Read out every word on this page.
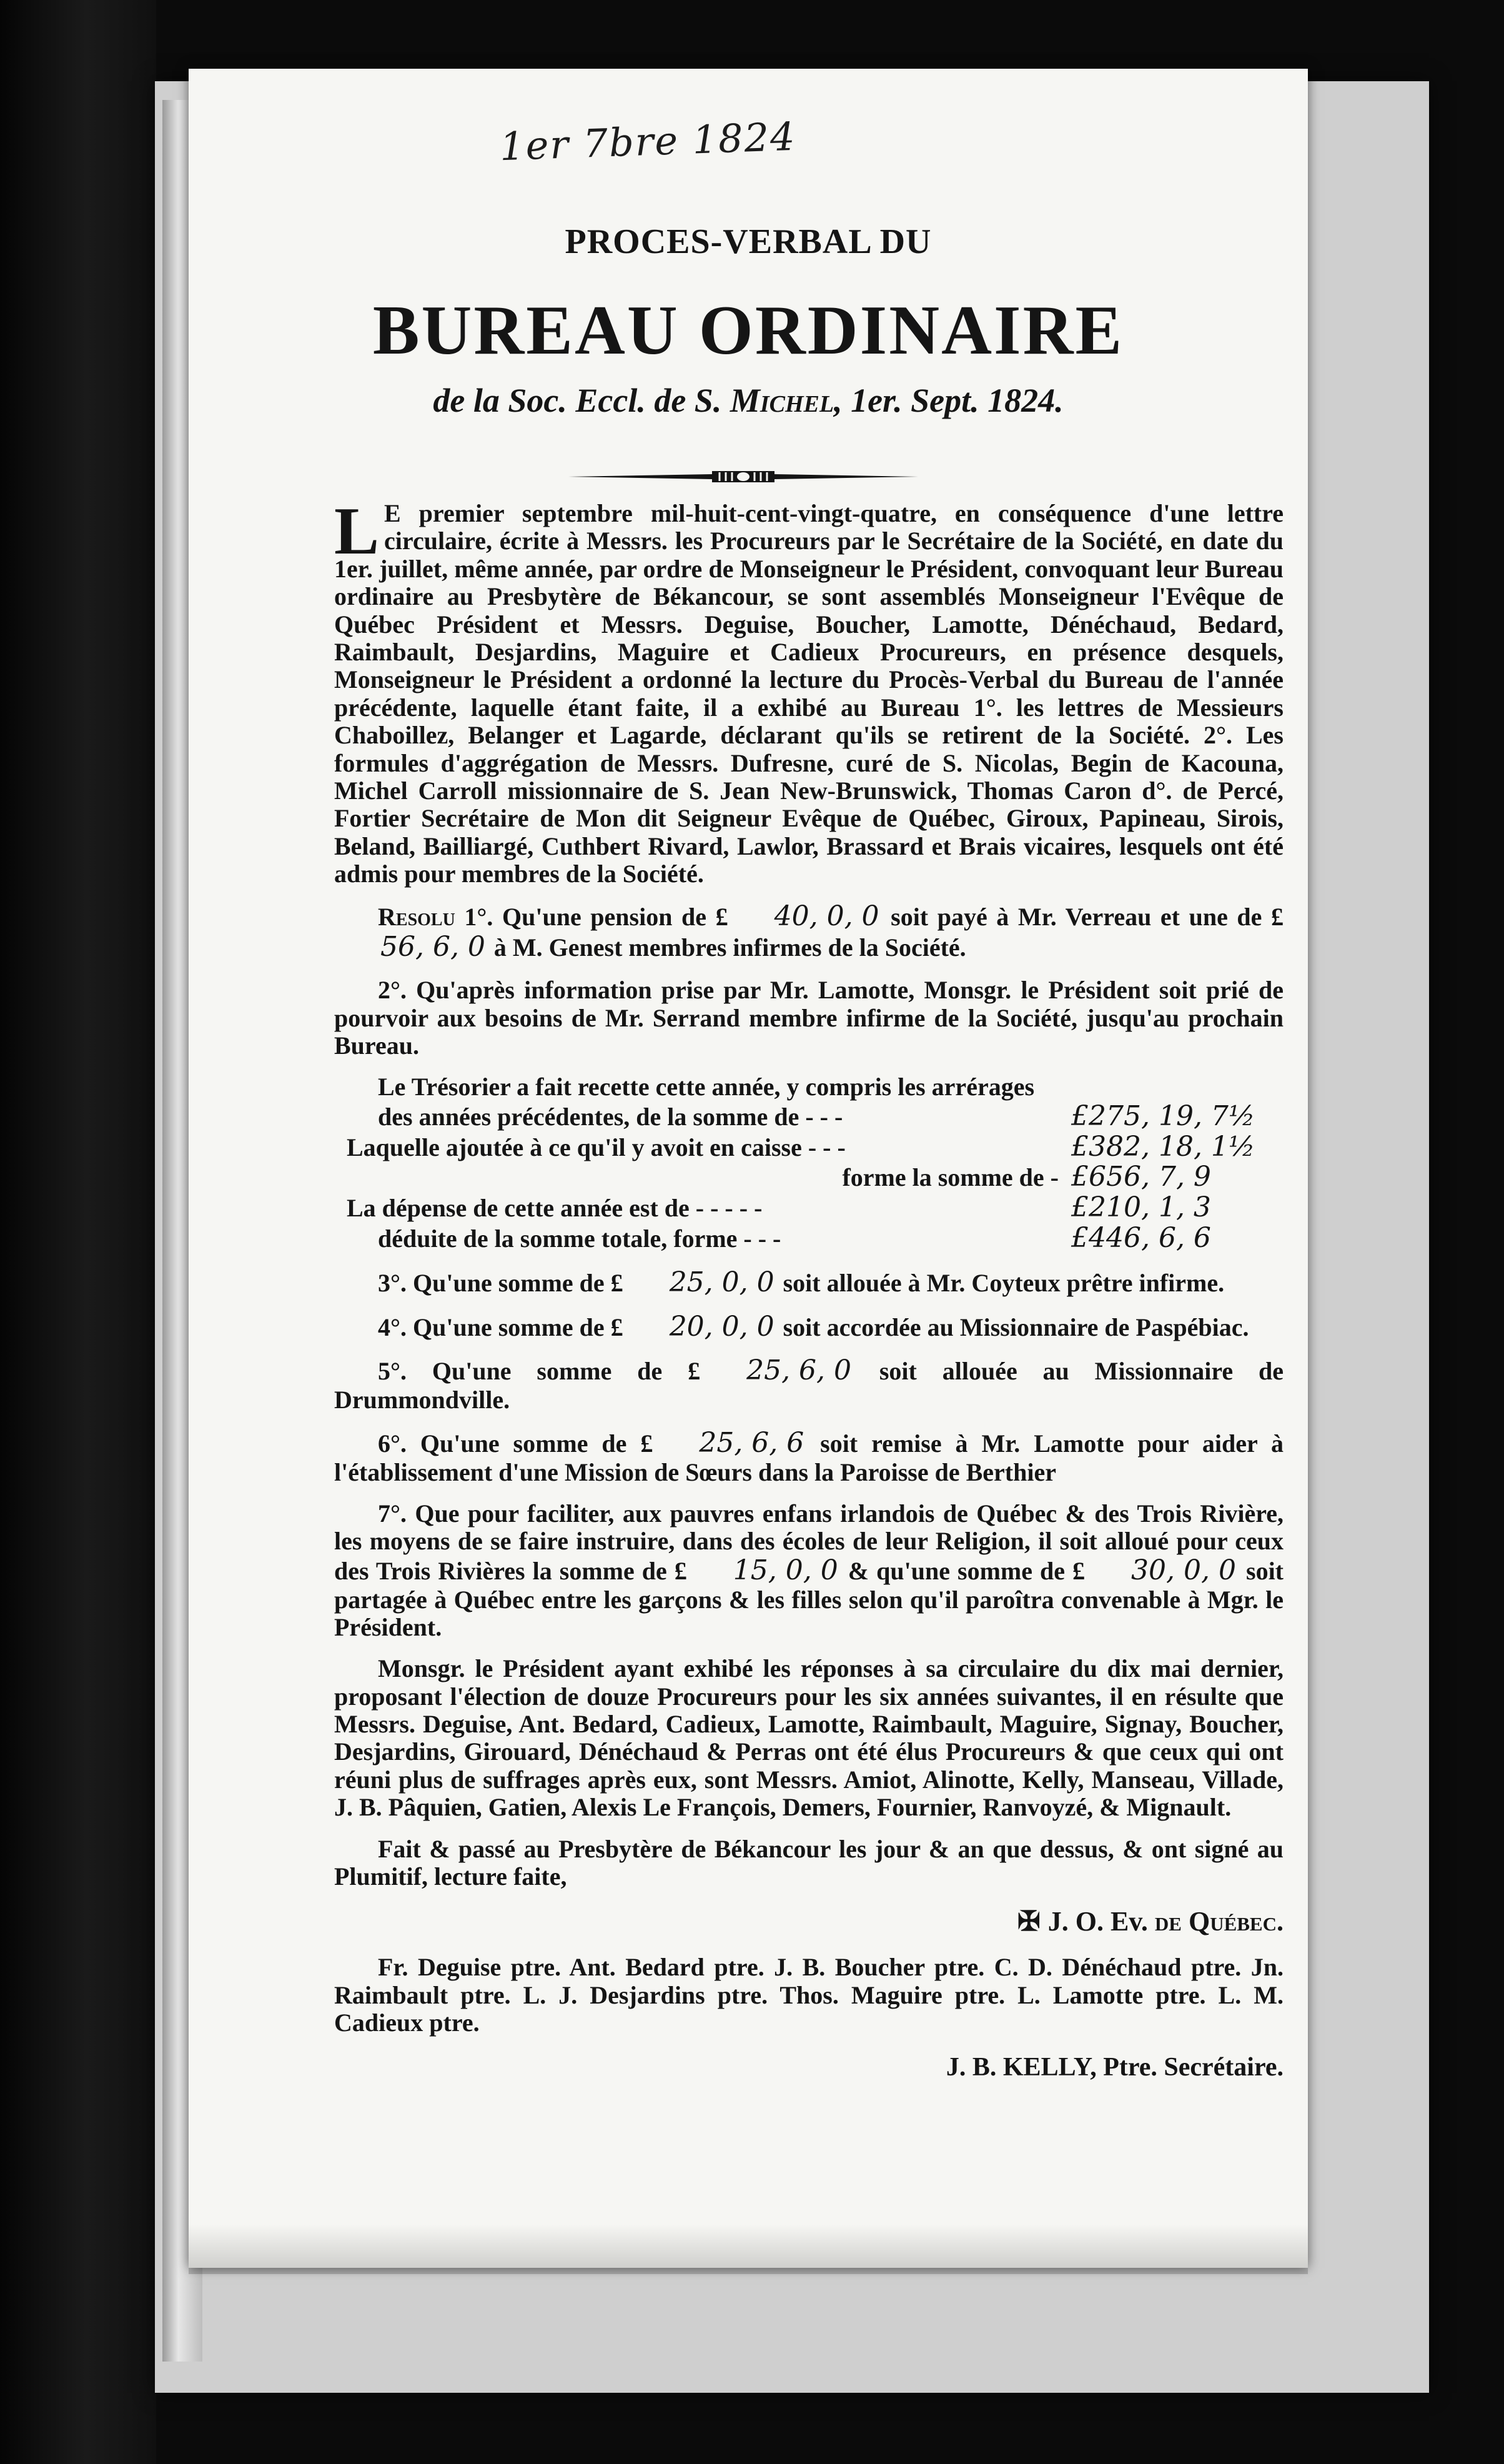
1er 7bre 1824
PROCES-VERBAL DU
BUREAU ORDINAIRE
de la Soc. Eccl. de S. Michel, 1er. Sept. 1824.

L E premier septembre mil-huit-cent-vingt-quatre, en conséquence d'une lettre circulaire, écrite à Messrs. les Procureurs par le Secrétaire de la Société, en date du 1er. juillet, même année, par ordre de Monseigneur le Président, convoquant leur Bureau ordinaire au Presbytère de Békancour, se sont assemblés Monseigneur l'Evêque de Québec Président et Messrs. Deguise, Boucher, Lamotte, Dénéchaud, Bedard, Raimbault, Desjardins, Maguire et Cadieux Procureurs, en présence desquels, Monseigneur le Président a ordonné la lecture du Procès-Verbal du Bureau de l'année précédente, laquelle étant faite, il a exhibé au Bureau 1°. les lettres de Messieurs Chaboillez, Belanger et Lagarde, déclarant qu'ils se retirent de la Société. 2°. Les formules d'aggrégation de Messrs. Dufresne, curé de S. Nicolas, Begin de Kacouna, Michel Carroll missionnaire de S. Jean New-Brunswick, Thomas Caron d°. de Percé, Fortier Secrétaire de Mon dit Seigneur Evêque de Québec, Giroux, Papineau, Sirois, Beland, Bailliargé, Cuthbert Rivard, Lawlor, Brassard et Brais vicaires, lesquels ont été admis pour membres de la Société.

Resolu 1°. Qu'une pension de £ 40, 0, 0 soit payé à Mr. Verreau et une de £56, 6, 0 à M. Genest membres infirmes de la Société.

2°. Qu'après information prise par Mr. Lamotte, Monsgr. le Président soit prié de pourvoir aux besoins de Mr. Serrand membre infirme de la Société, jusqu'au prochain Bureau.

Le Trésorier a fait recette cette année, y compris les arrérages
des années précédentes, de la somme de - - -	£275, 19, 7½
Laquelle ajoutée à ce qu'il y avoit en caisse - - -	£382, 18, 1½
forme la somme de - £656, 7, 9
La dépense de cette année est de - - - - -	£210, 1, 3
déduite de la somme totale, forme - - -	£446, 6, 6

3°. Qu'une somme de £ 25, 0, 0 soit allouée à Mr. Coyteux prêtre infirme.

4°. Qu'une somme de £ 20, 0, 0 soit accordée au Missionnaire de Paspébiac.

5°. Qu'une somme de £ 25, 6, 0 soit allouée au Missionnaire de Drummondville.

6°. Qu'une somme de £ 25, 6, 6 soit remise à Mr. Lamotte pour aider à l'établissement d'une Mission de Sœurs dans la Paroisse de Berthier

7°. Que pour faciliter, aux pauvres enfans irlandois de Québec & des Trois Rivière, les moyens de se faire instruire, dans des écoles de leur Religion, il soit alloué pour ceux des Trois Rivières la somme de £ 15, 0, 0 & qu'une somme de £ 30, 0, 0 soit partagée à Québec entre les garçons & les filles selon qu'il paroîtra convenable à Mgr. le Président.

Monsgr. le Président ayant exhibé les réponses à sa circulaire du dix mai dernier, proposant l'élection de douze Procureurs pour les six années suivantes, il en résulte que Messrs. Deguise, Ant. Bedard, Cadieux, Lamotte, Raimbault, Maguire, Signay, Boucher, Desjardins, Girouard, Dénéchaud & Perras ont été élus Procureurs & que ceux qui ont réuni plus de suffrages après eux, sont Messrs. Amiot, Alinotte, Kelly, Manseau, Villade, J. B. Pâquien, Gatien, Alexis Le François, Demers, Fournier, Ranvoyzé, & Mignault.

Fait & passé au Presbytère de Békancour les jour & an que dessus, & ont signé au Plumitif, lecture faite,

✠ J. O. Ev. de Québec.
Fr. Deguise ptre. Ant. Bedard ptre. J. B. Boucher ptre. C. D. Dénéchaud ptre. Jn. Raimbault ptre. L. J. Desjardins ptre. Thos. Maguire ptre. L. Lamotte ptre. L. M. Cadieux ptre.
J. B. KELLY, Ptre. Secrétaire.
